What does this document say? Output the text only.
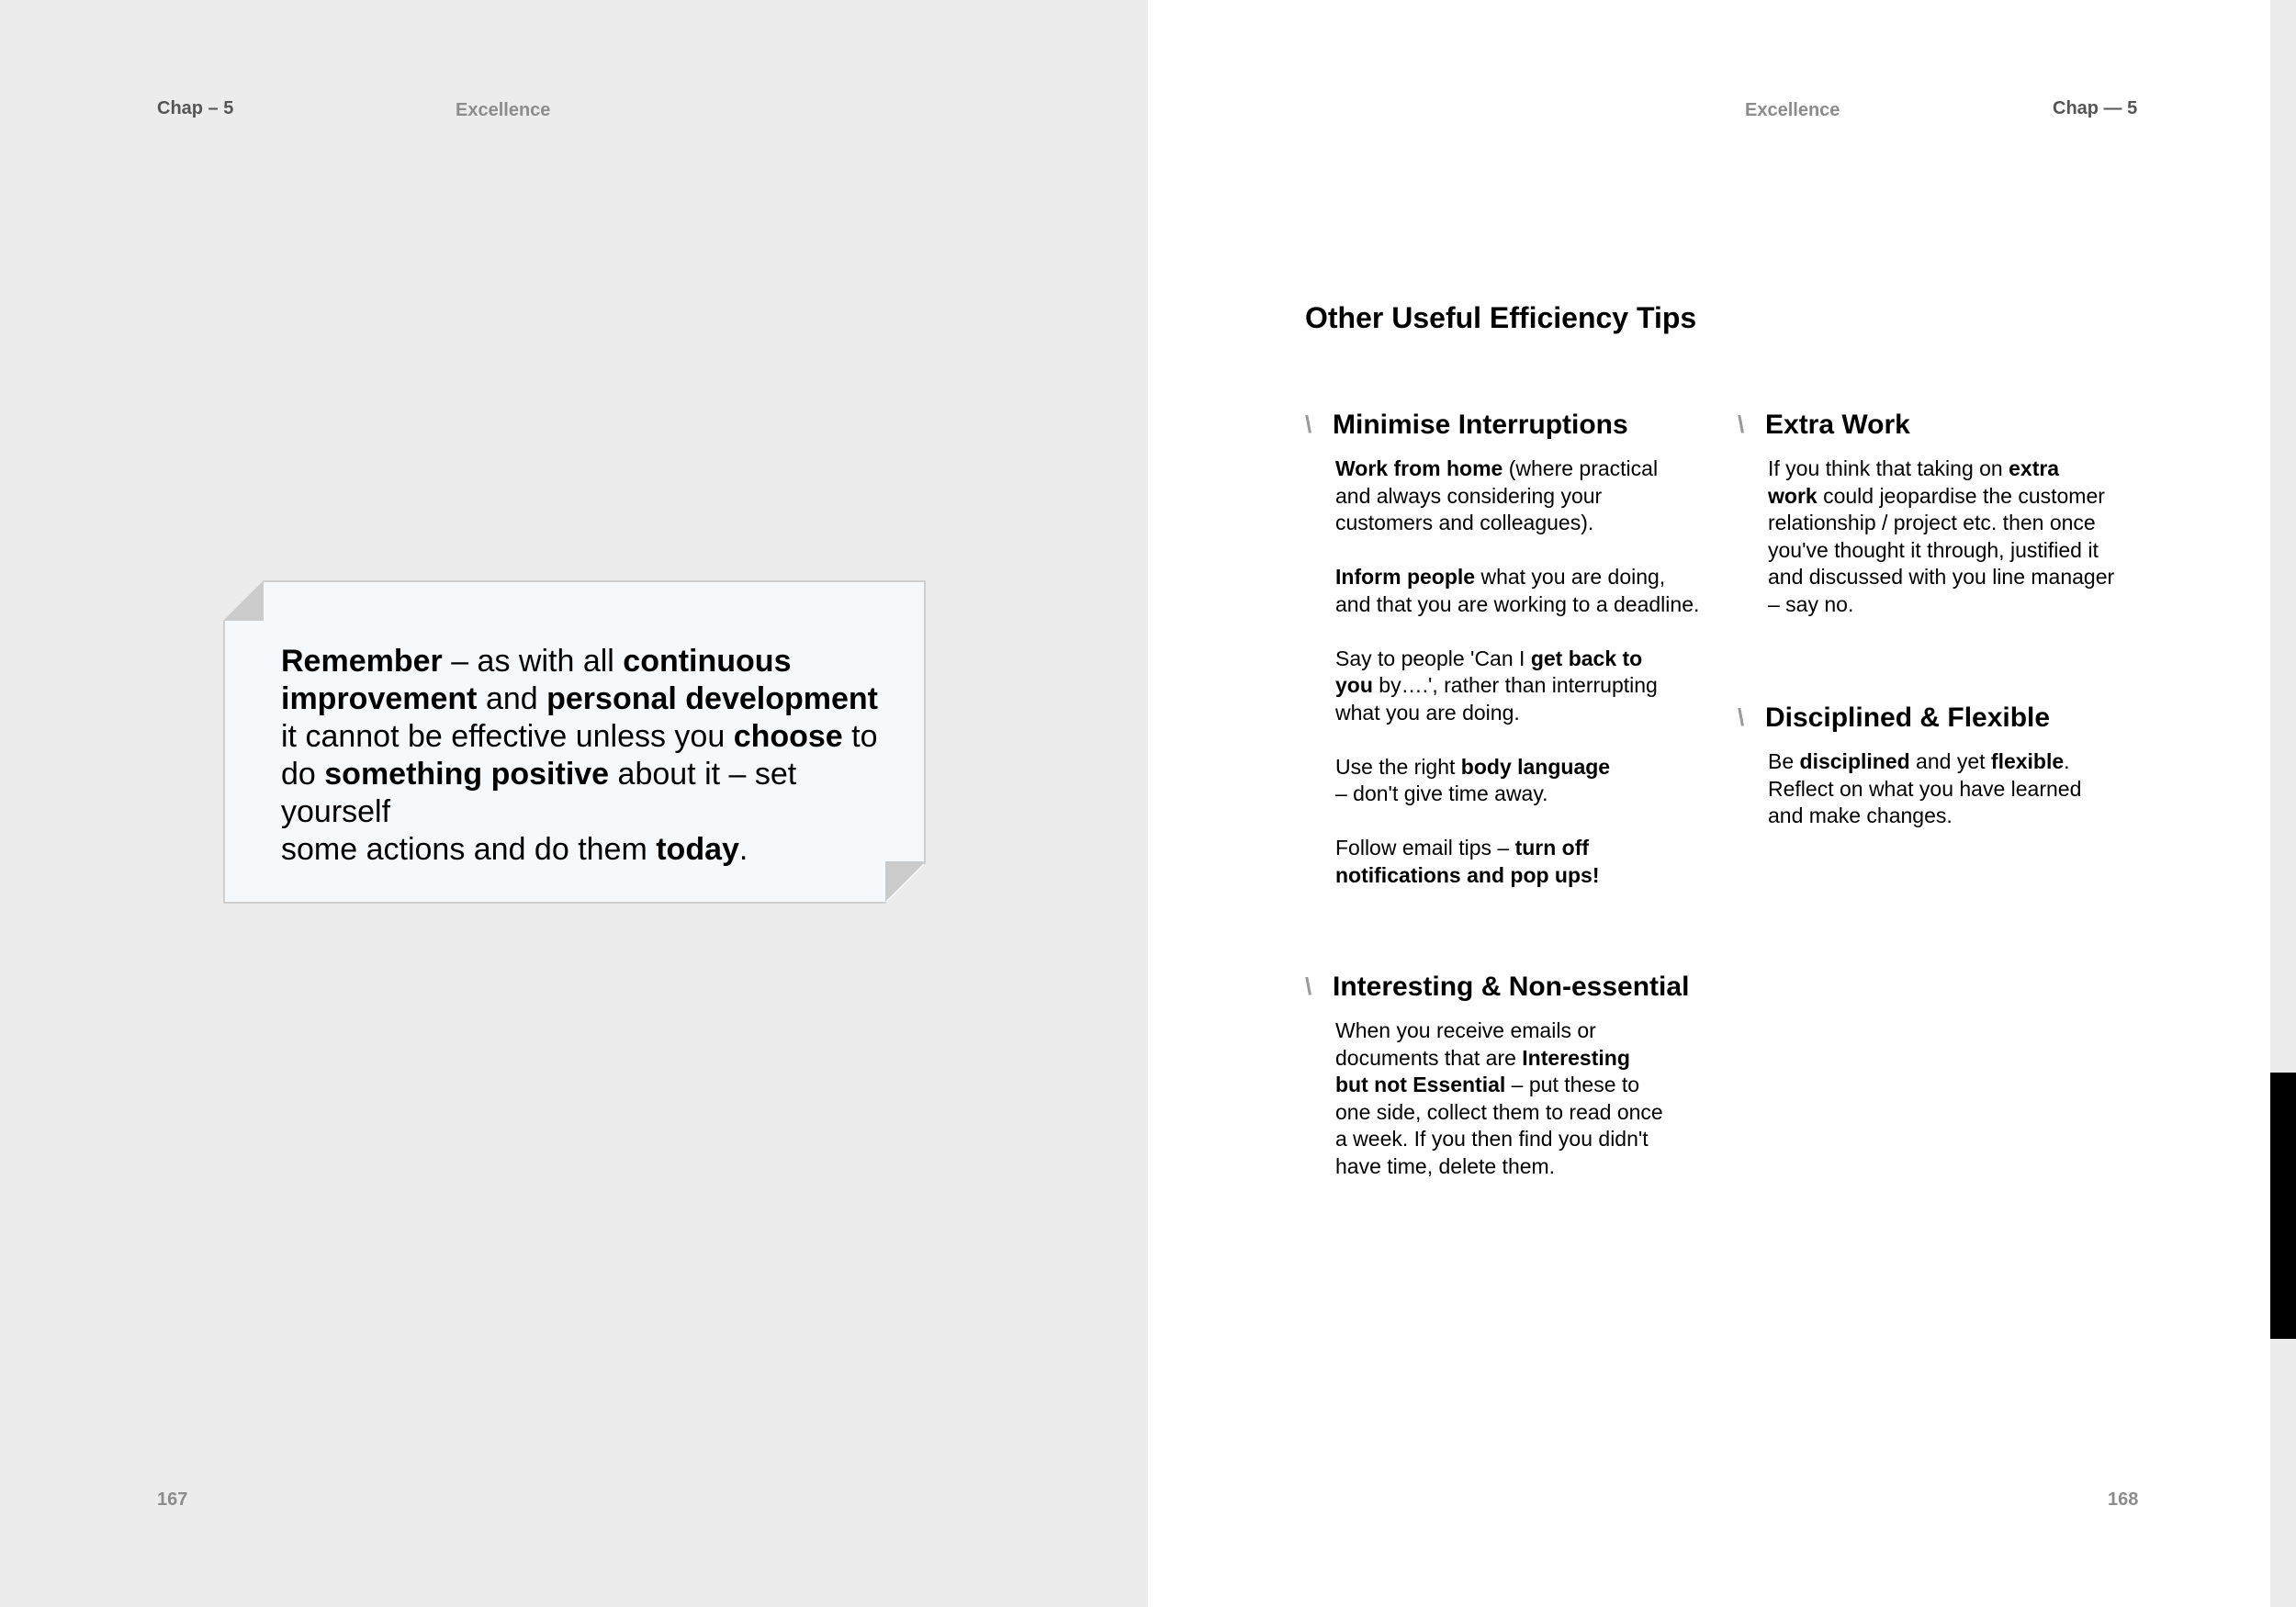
Chap – 5	Excellence

Remember – as with all continuous
improvement and personal development
it cannot be effective unless you choose to
do something positive about it – set yourself
some actions and do them today.

167
Excellence	Chap — 5
Other Useful Efficiency Tips
\ Minimise Interruptions

Work from home (where practical
and always considering your
customers and colleagues).

Inform people what you are doing,
and that you are working to a deadline.

Say to people 'Can I get back to
you by….', rather than interrupting
what you are doing.

Use the right body language
– don't give time away.

Follow email tips – turn off
notifications and pop ups!

\ Interesting & Non-essential

When you receive emails or
documents that are Interesting
but not Essential – put these to
one side, collect them to read once
a week. If you then find you didn't
have time, delete them.

\ Extra Work

If you think that taking on extra
work could jeopardise the customer
relationship / project etc. then once
you've thought it through, justified it
and discussed with you line manager
– say no.

\ Disciplined & Flexible

Be disciplined and yet flexible.
Reflect on what you have learned
and make changes.

168
